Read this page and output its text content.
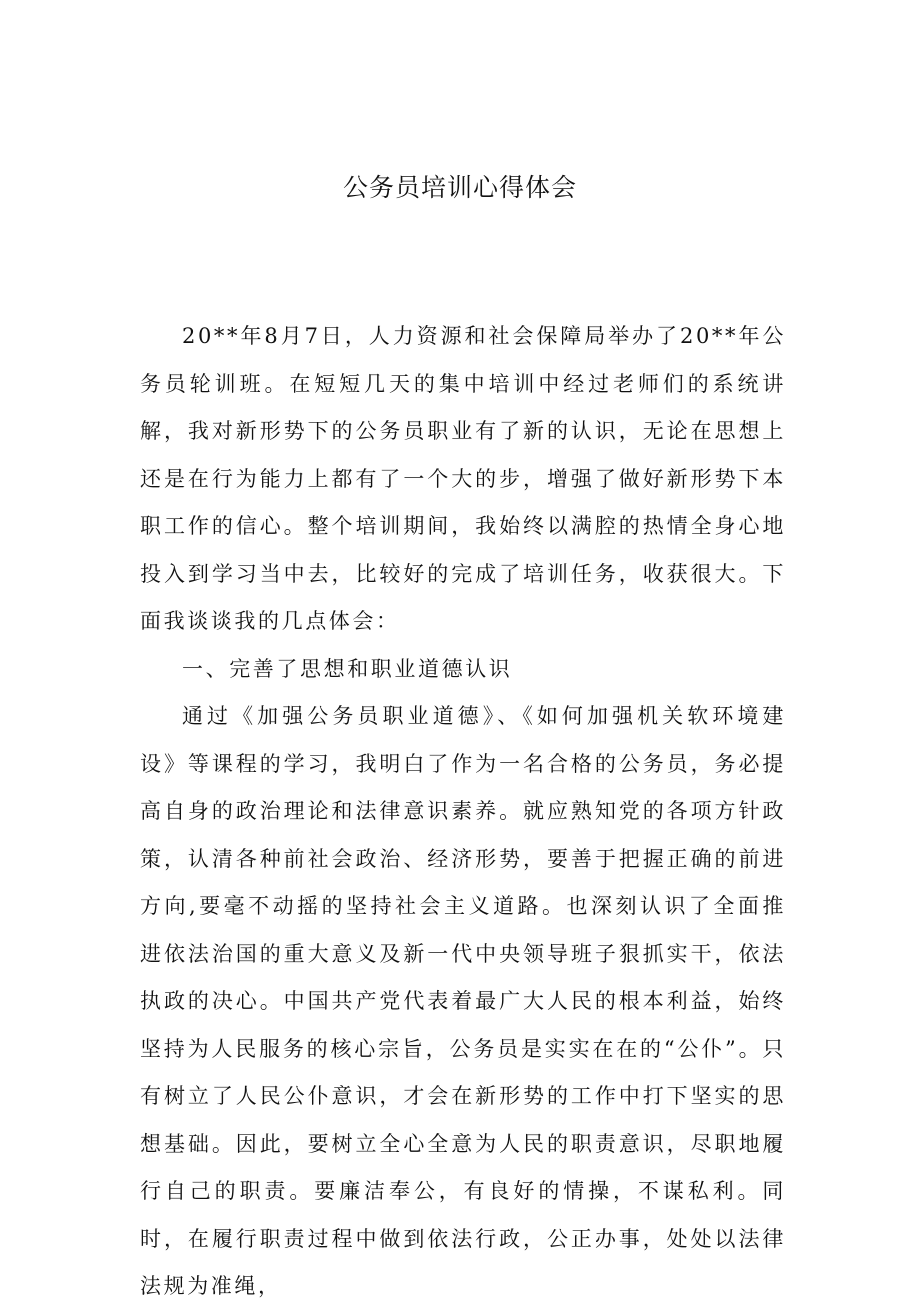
公务员培训心得体会

20**年8月7日，人力资源和社会保障局举办了20**年公务员轮训班。在短短几天的集中培训中经过老师们的系统讲解，我对新形势下的公务员职业有了新的认识，无论在思想上还是在行为能力上都有了一个大的步，增强了做好新形势下本职工作的信心。整个培训期间，我始终以满腔的热情全身心地投入到学习当中去，比较好的完成了培训任务，收获很大。下面我谈谈我的几点体会：

一、完善了思想和职业道德认识

通过《加强公务员职业道德》、《如何加强机关软环境建设》等课程的学习，我明白了作为一名合格的公务员，务必提高自身的政治理论和法律意识素养。就应熟知党的各项方针政策，认清各种前社会政治、经济形势，要善于把握正确的前进方向,要毫不动摇的坚持社会主义道路。也深刻认识了全面推进依法治国的重大意义及新一代中央领导班子狠抓实干，依法执政的决心。中国共产党代表着最广大人民的根本利益，始终坚持为人民服务的核心宗旨，公务员是实实在在的“公仆”。只有树立了人民公仆意识，才会在新形势的工作中打下坚实的思想基础。因此，要树立全心全意为人民的职责意识，尽职地履行自己的职责。要廉洁奉公，有良好的情操，不谋私利。同时，在履行职责过程中做到依法行政，公正办事，处处以法律法规为准绳，
